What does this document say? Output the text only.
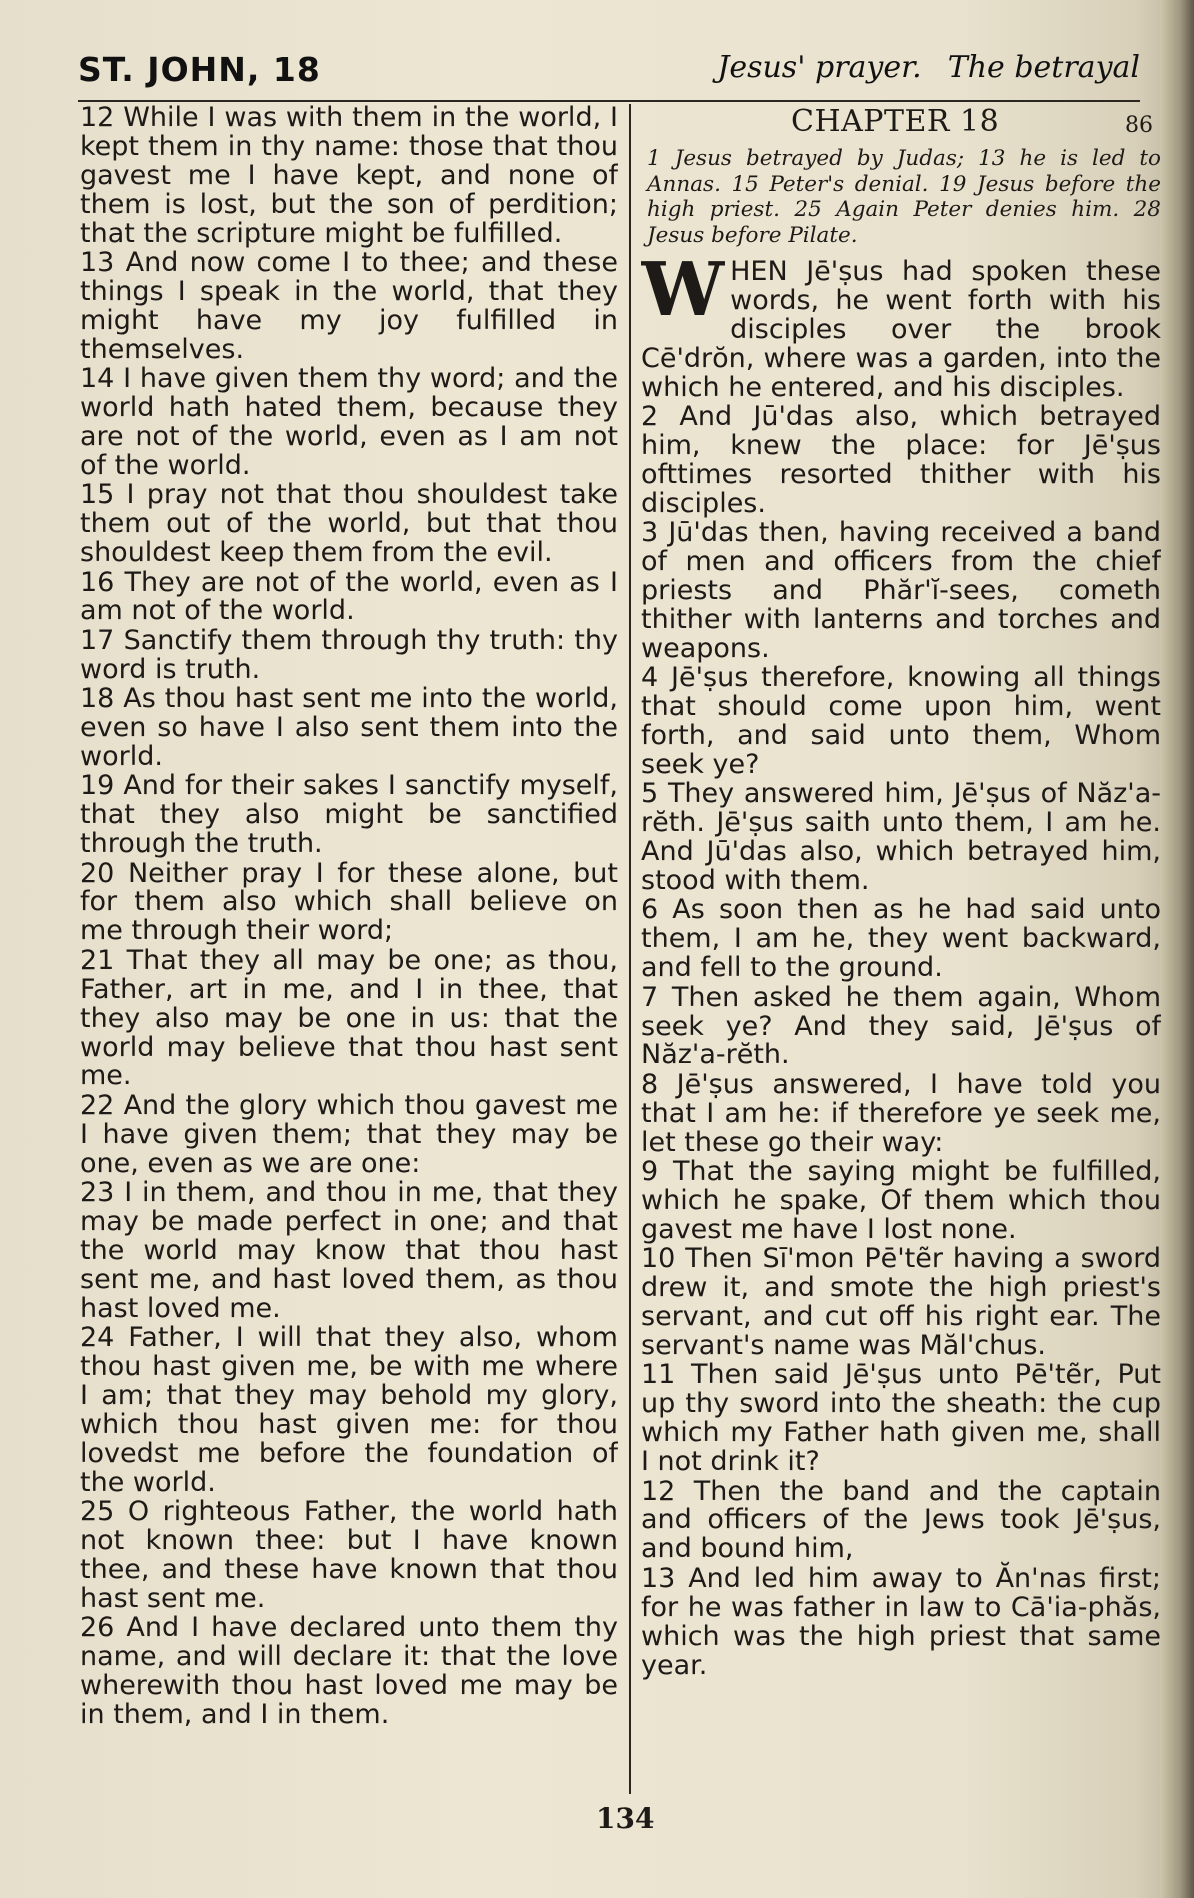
ST. JOHN, 18	Jesus' prayer. The betrayal

12 While I was with them in the world, I kept them in thy name: those that thou gavest me I have kept, and none of them is lost, but the son of perdition; that the scripture might be fulfilled.

13 And now come I to thee; and these things I speak in the world, that they might have my joy fulfilled in themselves.

14 I have given them thy word; and the world hath hated them, because they are not of the world, even as I am not of the world.

15 I pray not that thou shouldest take them out of the world, but that thou shouldest keep them from the evil.

16 They are not of the world, even as I am not of the world.

17 Sanctify them through thy truth: thy word is truth.

18 As thou hast sent me into the world, even so have I also sent them into the world.

19 And for their sakes I sanctify myself, that they also might be sanctified through the truth.

20 Neither pray I for these alone, but for them also which shall believe on me through their word;

21 That they all may be one; as thou, Father, art in me, and I in thee, that they also may be one in us: that the world may believe that thou hast sent me.

22 And the glory which thou gavest me I have given them; that they may be one, even as we are one:

23 I in them, and thou in me, that they may be made perfect in one; and that the world may know that thou hast sent me, and hast loved them, as thou hast loved me.

24 Father, I will that they also, whom thou hast given me, be with me where I am; that they may behold my glory, which thou hast given me: for thou lovedst me before the foundation of the world.

25 O righteous Father, the world hath not known thee: but I have known thee, and these have known that thou hast sent me.

26 And I have declared unto them thy name, and will declare it: that the love wherewith thou hast loved me may be in them, and I in them.

CHAPTER 18	86
1 Jesus betrayed by Judas; 13 he is led to Annas. 15 Peter's denial. 19 Jesus before the high priest. 25 Again Peter denies him. 28 Jesus before Pilate.
WHEN Jē'ṣus had spoken these words, he went forth with his disciples over the brook Cē'drŏn, where was a garden, into the which he entered, and his disciples.

2 And Jū'das also, which betrayed him, knew the place: for Jē'ṣus ofttimes resorted thither with his disciples.

3 Jū'das then, having received a band of men and officers from the chief priests and Phăr'ĭ-sees, cometh thither with lanterns and torches and weapons.

4 Jē'ṣus therefore, knowing all things that should come upon him, went forth, and said unto them, Whom seek ye?

5 They answered him, Jē'ṣus of Năz'a-rĕth. Jē'ṣus saith unto them, I am he. And Jū'das also, which betrayed him, stood with them.

6 As soon then as he had said unto them, I am he, they went backward, and fell to the ground.

7 Then asked he them again, Whom seek ye? And they said, Jē'ṣus of Năz'a-rĕth.

8 Jē'ṣus answered, I have told you that I am he: if therefore ye seek me, let these go their way:

9 That the saying might be fulfilled, which he spake, Of them which thou gavest me have I lost none.

10 Then Sī'mon Pē'tẽr having a sword drew it, and smote the high priest's servant, and cut off his right ear. The servant's name was Măl'chus.

11 Then said Jē'ṣus unto Pē'tẽr, Put up thy sword into the sheath: the cup which my Father hath given me, shall I not drink it?

12 Then the band and the captain and officers of the Jews took Jē'ṣus, and bound him,

13 And led him away to Ăn'nas first; for he was father in law to Cā'ia-phăs, which was the high priest that same year.

134
